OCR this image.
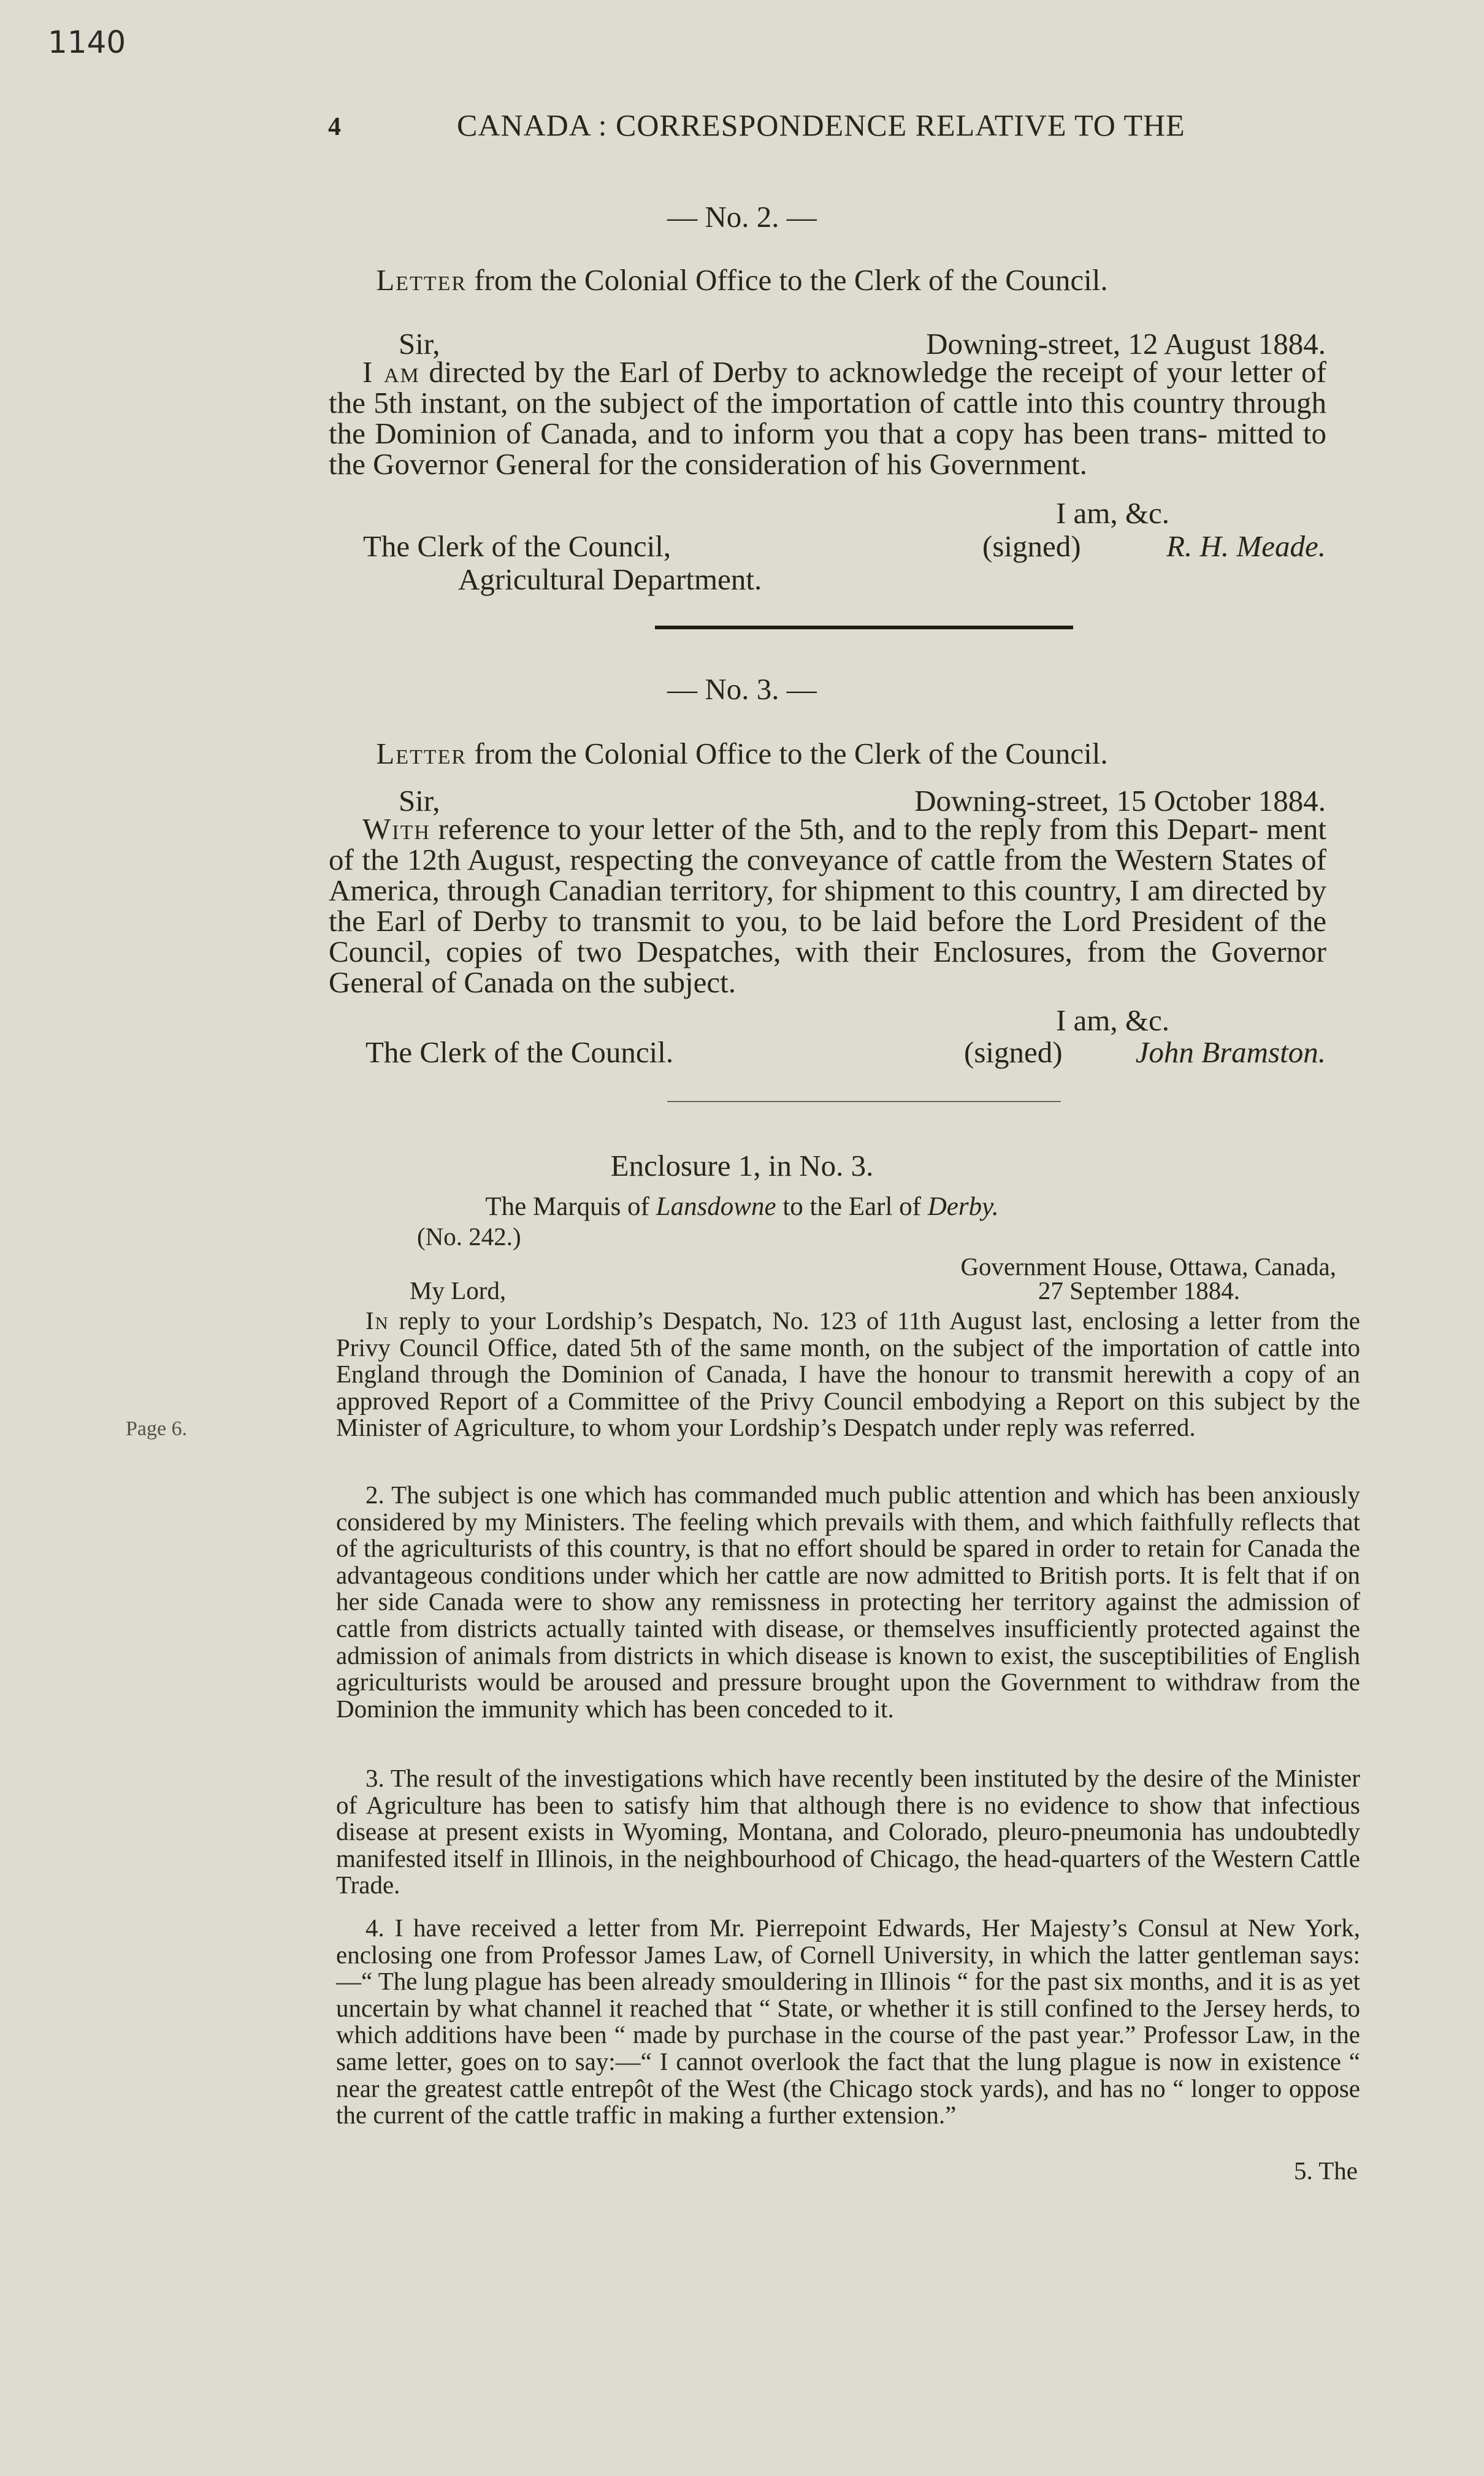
1140
4	CANADA : CORRESPONDENCE RELATIVE TO THE
— No. 2. —
Letter from the Colonial Office to the Clerk of the Council.
Sir,	Downing-street, 12 August 1884.
I am directed by the Earl of Derby to acknowledge the receipt of your letter of the 5th instant, on the subject of the importation of cattle into this country through the Dominion of Canada, and to inform you that a copy has been trans- mitted to the Governor General for the consideration of his Government.
I am, &c.
The Clerk of the Council,	(signed)	R. H. Meade.
Agricultural Department.
— No. 3. —
Letter from the Colonial Office to the Clerk of the Council.
Sir,	Downing-street, 15 October 1884.
With reference to your letter of the 5th, and to the reply from this Depart- ment of the 12th August, respecting the conveyance of cattle from the Western States of America, through Canadian territory, for shipment to this country, I am directed by the Earl of Derby to transmit to you, to be laid before the Lord President of the Council, copies of two Despatches, with their Enclosures, from the Governor General of Canada on the subject.
I am, &c.
The Clerk of the Council.	(signed) John Bramston.
Enclosure 1, in No. 3.
The Marquis of Lansdowne to the Earl of Derby.
(No. 242.)
Government House, Ottawa, Canada,
My Lord,	27 September 1884.
Page 6.
In reply to your Lordship’s Despatch, No. 123 of 11th August last, enclosing a letter from the Privy Council Office, dated 5th of the same month, on the subject of the importation of cattle into England through the Dominion of Canada, I have the honour to transmit herewith a copy of an approved Report of a Committee of the Privy Council embodying a Report on this subject by the Minister of Agriculture, to whom your Lordship’s Despatch under reply was referred.
2. The subject is one which has commanded much public attention and which has been anxiously considered by my Ministers. The feeling which prevails with them, and which faithfully reflects that of the agriculturists of this country, is that no effort should be spared in order to retain for Canada the advantageous conditions under which her cattle are now admitted to British ports. It is felt that if on her side Canada were to show any remissness in protecting her territory against the admission of cattle from districts actually tainted with disease, or themselves insufficiently protected against the admission of animals from districts in which disease is known to exist, the susceptibilities of English agriculturists would be aroused and pressure brought upon the Government to withdraw from the Dominion the immunity which has been conceded to it.
3. The result of the investigations which have recently been instituted by the desire of the Minister of Agriculture has been to satisfy him that although there is no evidence to show that infectious disease at present exists in Wyoming, Montana, and Colorado, pleuro-pneumonia has undoubtedly manifested itself in Illinois, in the neighbourhood of Chicago, the head-quarters of the Western Cattle Trade.
4. I have received a letter from Mr. Pierrepoint Edwards, Her Majesty’s Consul at New York, enclosing one from Professor James Law, of Cornell University, in which the latter gentleman says:—“ The lung plague has been already smouldering in Illinois “ for the past six months, and it is as yet uncertain by what channel it reached that “ State, or whether it is still confined to the Jersey herds, to which additions have been “ made by purchase in the course of the past year.” Professor Law, in the same letter, goes on to say:—“ I cannot overlook the fact that the lung plague is now in existence “ near the greatest cattle entrepôt of the West (the Chicago stock yards), and has no “ longer to oppose the current of the cattle traffic in making a further extension.”
5. The
